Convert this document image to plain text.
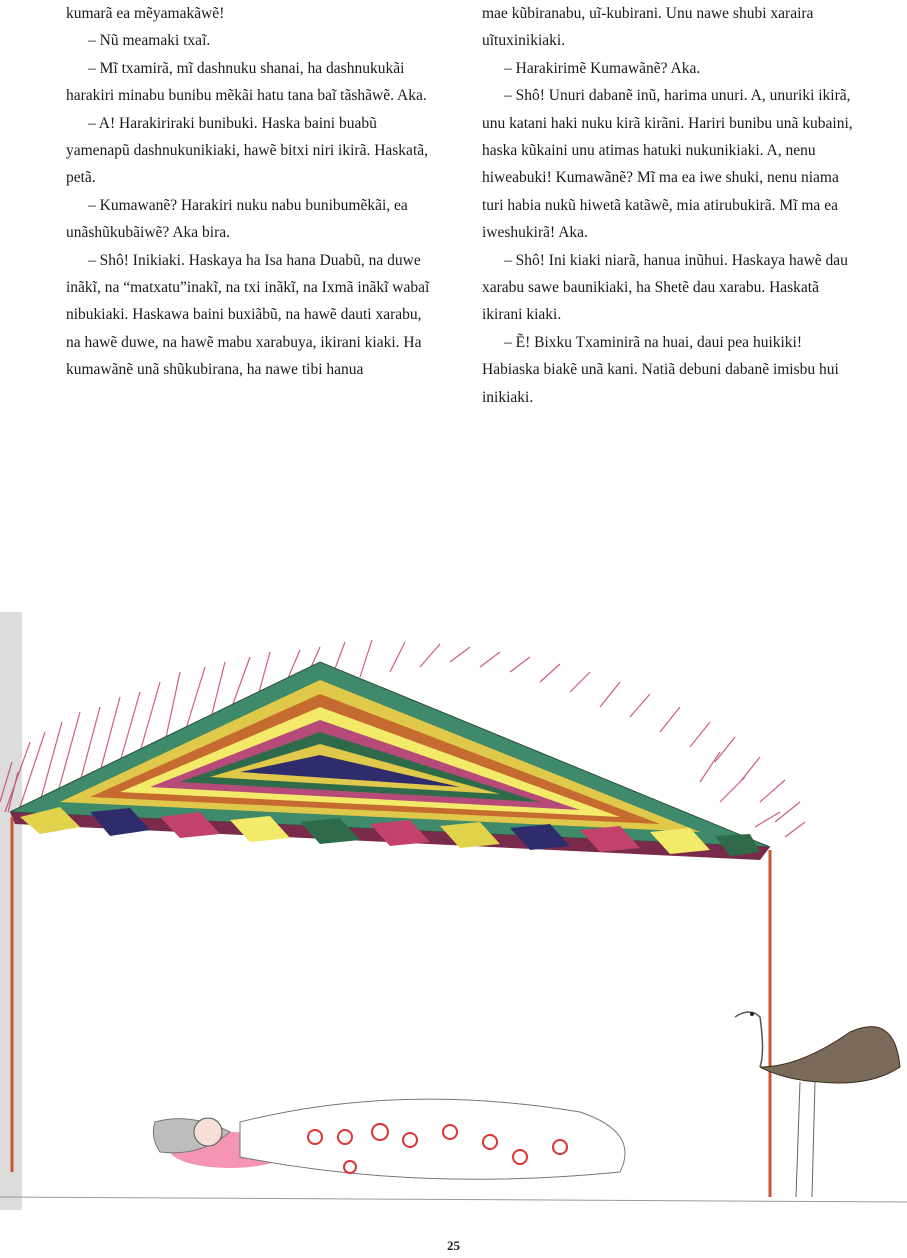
kumarã ea mẽyamakãwẽ!

– Nũ meamaki txaĩ.

– Mĩ txamirã, mĩ dashnuku shanai, ha dashnukukãi harakiri minabu bunibu mẽkãi hatu tana baĩ tãshãwẽ. Aka.

– A! Harakiriraki bunibuki. Haska baini buabũ yamenapũ dashnukunikiaki, hawẽ bitxi niri ikirã. Haskatã, petã.

– Kumawanẽ? Harakiri nuku nabu bunibumẽkãi, ea unãshũkubãiwẽ? Aka bira.

– Shô! Inikiaki. Haskaya ha Isa hana Duabũ, na duwe inãkĩ, na “matxatu”inakĩ, na txi inãkĩ, na Ixmã inãkĩ wabaĩ nibukiaki. Haskawa baini buxiãbũ, na hawẽ dauti xarabu, na hawẽ duwe, na hawẽ mabu xarabuya, ikirani kiaki. Ha kumawãnẽ unã shũkubirana, ha nawe tibi hanua

mae kũbiranabu, uĩ-kubirani. Unu nawe shubi xaraira uĩtuxinikiaki.

– Harakirimẽ Kumawãnẽ? Aka.

– Shô! Unuri dabanẽ inũ, harima unuri. A, unuriki ikirã, unu katani haki nuku kirã kirãni. Hariri bunibu unã kubaini, haska kũkaini unu atimas hatuki nukunikiaki. A, nenu hiweabuki! Kumawãnẽ? Mĩ ma ea iwe shuki, nenu niama turi habia nukũ hiwetã katãwẽ, mia atirubukirã. Mĩ ma ea iweshukirã! Aka.

– Shô! Ini kiaki niarã, hanua inũhui. Haskaya hawẽ dau xarabu sawe baunikiaki, ha Shetẽ dau xarabu. Haskatã ikirani kiaki.

– Ẽ! Bixku Txaminirã na huai, daui pea huikiki! Habiaska biakẽ unã kani. Natiã debuni dabanẽ imisbu hui inikiaki.

25
